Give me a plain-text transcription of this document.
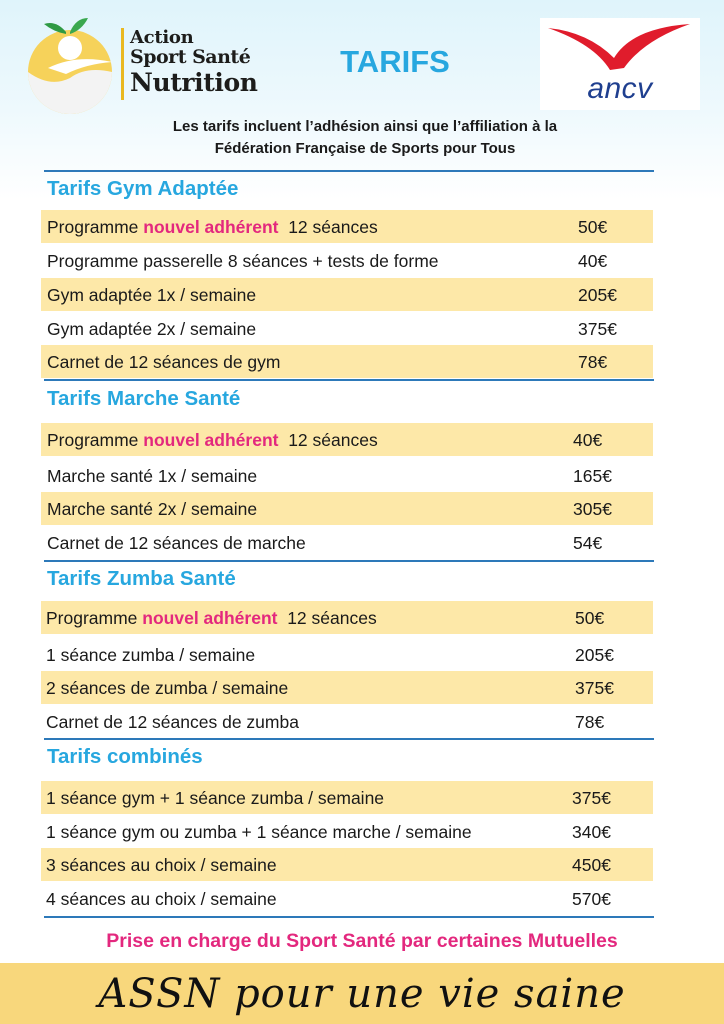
Action
Sport Santé
Nutrition
TARIFS
ancv
Les tarifs incluent l’adhésion ainsi que l’affiliation à la
Fédération Française de Sports pour Tous
Tarifs Gym Adaptée
Programme nouvel adhérent 12 séances	50€
Programme passerelle 8 séances + tests de forme	40€
Gym adaptée 1x / semaine	205€
Gym adaptée 2x / semaine	375€
Carnet de 12 séances de gym	78€
Tarifs Marche Santé
Programme nouvel adhérent 12 séances	40€
Marche santé 1x / semaine	165€
Marche santé 2x / semaine	305€
Carnet de 12 séances de marche	54€
Tarifs Zumba Santé
Programme nouvel adhérent 12 séances	50€
1 séance zumba / semaine	205€
2 séances de zumba / semaine	375€
Carnet de 12 séances de zumba	78€
Tarifs combinés
1 séance gym + 1 séance zumba / semaine	375€
1 séance gym ou zumba + 1 séance marche / semaine	340€
3 séances au choix / semaine	450€
4 séances au choix / semaine	570€
Prise en charge du Sport Santé par certaines Mutuelles
ASSN pour une vie saine
